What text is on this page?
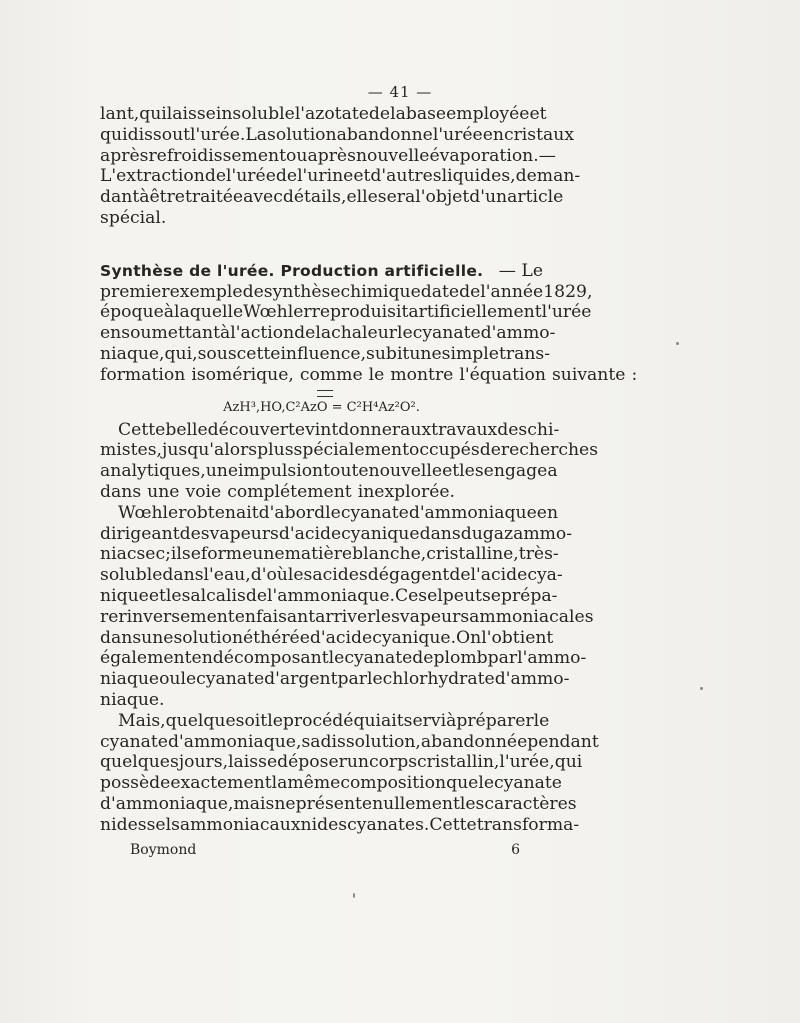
— 41 —
lant, qui laisse insoluble l'azotate de la base employée et
qui dissout l'urée. La solution abandonne l'urée en cristaux
après refroidissement ou après nouvelle évaporation. —
L'extraction de l'urée de l'urine et d'autres liquides, deman-
dant à être traitée avec détails, elle sera l'objet d'un article
spécial.
Synthèse de l'urée. Production artificielle. — Le
premier exemple de synthèse chimique date de l'année 1829,
époque à laquelle Wœhler reproduisit artificiellement l'urée
en soumettant à l'action de la chaleur le cyanate d'ammo-
niaque, qui, sous cette influence, subit une simple trans-
formation isomérique, comme le montre l'équation suivante :
AzH³,HO,C²AzO = C²H⁴Az²O².
Cette belle découverte vint donner aux travaux des chi-
mistes, jusqu'alors plus spécialement occupés de recherches
analytiques, une impulsion toute nouvelle et les engagea
dans une voie complétement inexplorée.
Wœhler obtenait d'abord le cyanate d'ammoniaque en
dirigeant des vapeurs d'acide cyanique dans du gaz ammo-
niac sec ; il se forme une matière blanche, cristalline, très-
soluble dans l'eau, d'où les acides dégagent de l'acide cya-
nique et les alcalis de l'ammoniaque. Ce sel peut se prépa-
rer inversement en faisant arriver les vapeurs ammoniacales
dans une solution éthérée d'acide cyanique. On l'obtient
également en décomposant le cyanate de plomb par l'ammo-
niaque ou le cyanate d'argent par le chlorhydrate d'ammo-
niaque.
Mais, quel que soit le procédé qui ait servi à préparer le
cyanate d'ammoniaque, sa dissolution, abandonnée pendant
quelques jours, laisse déposer un corps cristallin, l'urée, qui
possède exactement la même composition que le cyanate
d'ammoniaque, mais ne présente nullement les caractères
ni des sels ammoniacaux ni des cyanates. Cette transforma-
Boymond	6
